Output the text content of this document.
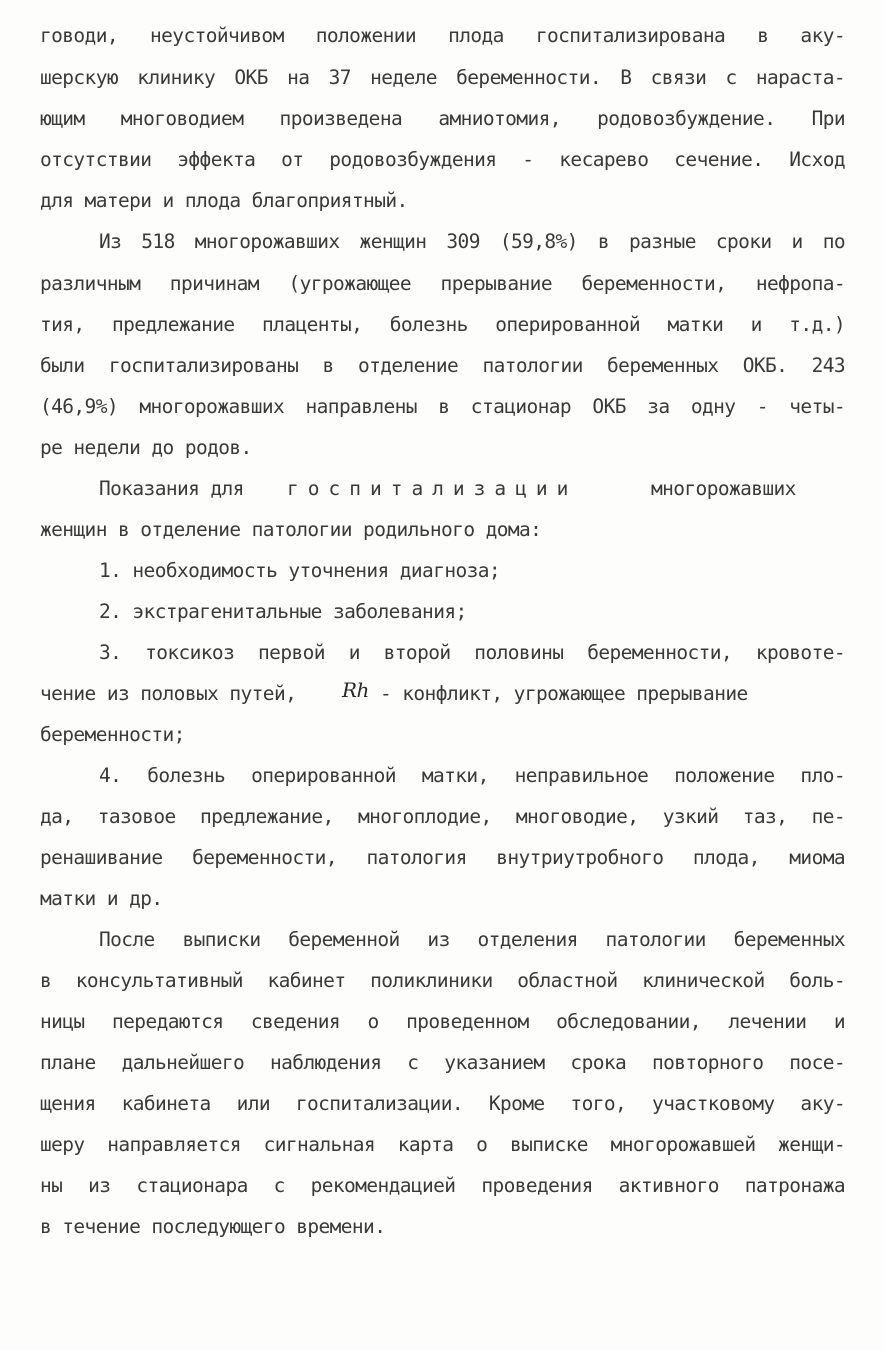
говоди, неустойчивом положении плода госпитализирована в аку-
шерскую клинику ОКБ на 37 неделе беременности. В связи с нараста-
ющим многоводием произведена амниотомия, родовозбуждение. При
отсутствии эффекта от родовозбуждения - кесарево сечение. Исход
для матери и плода благоприятный.
Из 518 многорожавших женщин 309 (59,8%) в разные сроки и по
различным причинам (угрожающее прерывание беременности, нефропа-
тия, предлежание плаценты, болезнь оперированной матки и т.д.)
были госпитализированы в отделение патологии беременных ОКБ. 243
(46,9%) многорожавших направлены в стационар ОКБ за одну - четы-
ре недели до родов.
Показания для госпитализации	многорожавших
женщин в отделение патологии родильного дома:
1. необходимость уточнения диагноза;
2. экстрагенитальные заболевания;
3. токсикоз первой и второй половины беременности, кровоте-
чение из половых путей, Rh - конфликт, угрожающее прерывание
беременности;
4. болезнь оперированной матки, неправильное положение пло-
да, тазовое предлежание, многоплодие, многоводие, узкий таз, пе-
ренашивание беременности, патология внутриутробного плода, миома
матки и др.
После выписки беременной из отделения патологии беременных
в консультативный кабинет поликлиники областной клинической боль-
ницы передаются сведения о проведенном обследовании, лечении и
плане дальнейшего наблюдения с указанием срока повторного посе-
щения кабинета или госпитализации. Кроме того, участковому аку-
шеру направляется сигнальная карта о выписке многорожавшей женщи-
ны из стационара с рекомендацией проведения активного патронажа
в течение последующего времени.
